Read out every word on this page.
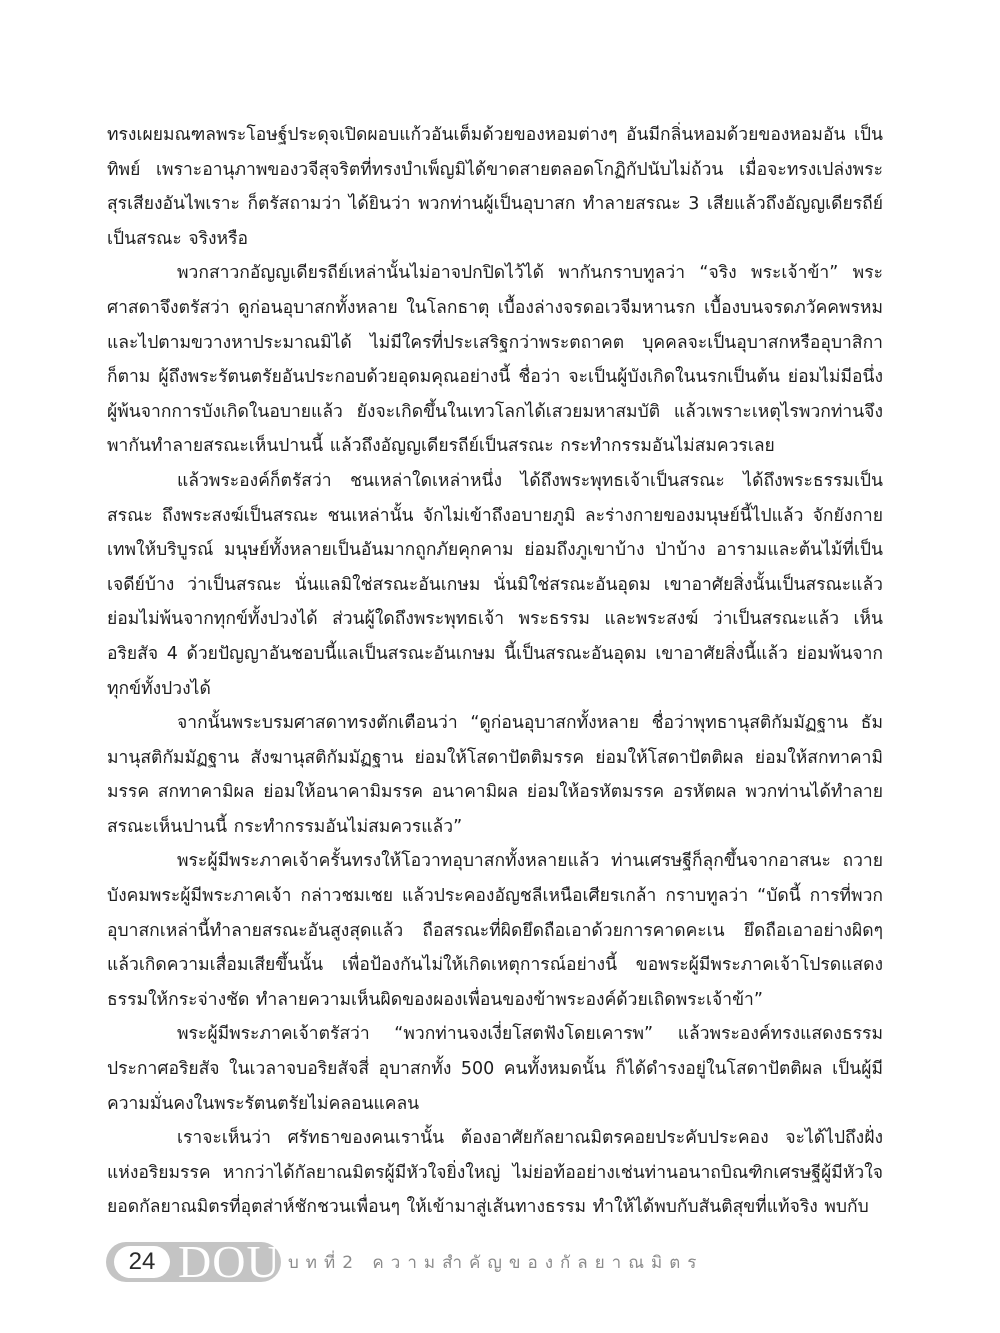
ทรงเผยมณฑลพระโอษฐ์ประดุจเปิดผอบแก้วอันเต็มด้วยของหอมต่างๆ อันมีกลิ่นหอมด้วยของหอมอัน เป็นทิพย์ เพราะอานุภาพของวจีสุจริตที่ทรงบำเพ็ญมิได้ขาดสายตลอดโกฏิกัปนับไม่ถ้วน เมื่อจะทรงเปล่งพระสุรเสียงอันไพเราะ ก็ตรัสถามว่า ได้ยินว่า พวกท่านผู้เป็นอุบาสก ทำลายสรณะ 3 เสียแล้วถึงอัญญเดียรถีย์เป็นสรณะ จริงหรือ

พวกสาวกอัญญเดียรถีย์เหล่านั้นไม่อาจปกปิดไว้ได้ พากันกราบทูลว่า “จริง พระเจ้าข้า” พระศาสดาจึงตรัสว่า ดูก่อนอุบาสกทั้งหลาย ในโลกธาตุ เบื้องล่างจรดอเวจีมหานรก เบื้องบนจรดภวัคคพรหม และไปตามขวางหาประมาณมิได้ ไม่มีใครที่ประเสริฐกว่าพระตถาคต บุคคลจะเป็นอุบาสกหรืออุบาสิกาก็ตาม ผู้ถึงพระรัตนตรัยอันประกอบด้วยอุดมคุณอย่างนี้ ชื่อว่า จะเป็นผู้บังเกิดในนรกเป็นต้น ย่อมไม่มีอนึ่งผู้พ้นจากการบังเกิดในอบายแล้ว ยังจะเกิดขึ้นในเทวโลกได้เสวยมหาสมบัติ แล้วเพราะเหตุไรพวกท่านจึงพากันทำลายสรณะเห็นปานนี้ แล้วถึงอัญญเดียรถีย์เป็นสรณะ กระทำกรรมอันไม่สมควรเลย

แล้วพระองค์ก็ตรัสว่า ชนเหล่าใดเหล่าหนึ่ง ได้ถึงพระพุทธเจ้าเป็นสรณะ ได้ถึงพระธรรมเป็นสรณะ ถึงพระสงฆ์เป็นสรณะ ชนเหล่านั้น จักไม่เข้าถึงอบายภูมิ ละร่างกายของมนุษย์นี้ไปแล้ว จักยังกายเทพให้บริบูรณ์ มนุษย์ทั้งหลายเป็นอันมากถูกภัยคุกคาม ย่อมถึงภูเขาบ้าง ป่าบ้าง อารามและต้นไม้ที่เป็นเจดีย์บ้าง ว่าเป็นสรณะ นั่นแลมิใช่สรณะอันเกษม นั่นมิใช่สรณะอันอุดม เขาอาศัยสิ่งนั้นเป็นสรณะแล้ว ย่อมไม่พ้นจากทุกข์ทั้งปวงได้ ส่วนผู้ใดถึงพระพุทธเจ้า พระธรรม และพระสงฆ์ ว่าเป็นสรณะแล้ว เห็นอริยสัจ 4 ด้วยปัญญาอันชอบนี้แลเป็นสรณะอันเกษม นี้เป็นสรณะอันอุดม เขาอาศัยสิ่งนี้แล้ว ย่อมพ้นจากทุกข์ทั้งปวงได้

จากนั้นพระบรมศาสดาทรงตักเตือนว่า “ดูก่อนอุบาสกทั้งหลาย ชื่อว่าพุทธานุสติกัมมัฏฐาน ธัมมานุสติกัมมัฏฐาน สังฆานุสติกัมมัฏฐาน ย่อมให้โสดาปัตติมรรค ย่อมให้โสดาปัตติผล ย่อมให้สกทาคามิมรรค สกทาคามิผล ย่อมให้อนาคามิมรรค อนาคามิผล ย่อมให้อรหัตมรรค อรหัตผล พวกท่านได้ทำลายสรณะเห็นปานนี้ กระทำกรรมอันไม่สมควรแล้ว”

พระผู้มีพระภาคเจ้าครั้นทรงให้โอวาทอุบาสกทั้งหลายแล้ว ท่านเศรษฐีก็ลุกขึ้นจากอาสนะ ถวายบังคมพระผู้มีพระภาคเจ้า กล่าวชมเชย แล้วประคองอัญชลีเหนือเศียรเกล้า กราบทูลว่า “บัดนี้ การที่พวกอุบาสกเหล่านี้ทำลายสรณะอันสูงสุดแล้ว ถือสรณะที่ผิดยึดถือเอาด้วยการคาดคะเน ยึดถือเอาอย่างผิดๆ แล้วเกิดความเสื่อมเสียขึ้นนั้น เพื่อป้องกันไม่ให้เกิดเหตุการณ์อย่างนี้ ขอพระผู้มีพระภาคเจ้าโปรดแสดงธรรมให้กระจ่างชัด ทำลายความเห็นผิดของผองเพื่อนของข้าพระองค์ด้วยเถิดพระเจ้าข้า”

พระผู้มีพระภาคเจ้าตรัสว่า “พวกท่านจงเงี่ยโสตฟังโดยเคารพ” แล้วพระองค์ทรงแสดงธรรมประกาศอริยสัจ ในเวลาจบอริยสัจสี่ อุบาสกทั้ง 500 คนทั้งหมดนั้น ก็ได้ดำรงอยู่ในโสดาปัตติผล เป็นผู้มีความมั่นคงในพระรัตนตรัยไม่คลอนแคลน

เราจะเห็นว่า ศรัทธาของคนเรานั้น ต้องอาศัยกัลยาณมิตรคอยประคับประคอง จะได้ไปถึงฝั่งแห่งอริยมรรค หากว่าได้กัลยาณมิตรผู้มีหัวใจยิ่งใหญ่ ไม่ย่อท้ออย่างเช่นท่านอนาถบิณฑิกเศรษฐีผู้มีหัวใจยอดกัลยาณมิตรที่อุตส่าห์ชักชวนเพื่อนๆ ให้เข้ามาสู่เส้นทางธรรม ทำให้ได้พบกับสันติสุขที่แท้จริง พบกับ

24 DOU บทที่2 ความสำคัญของกัลยาณมิตร
